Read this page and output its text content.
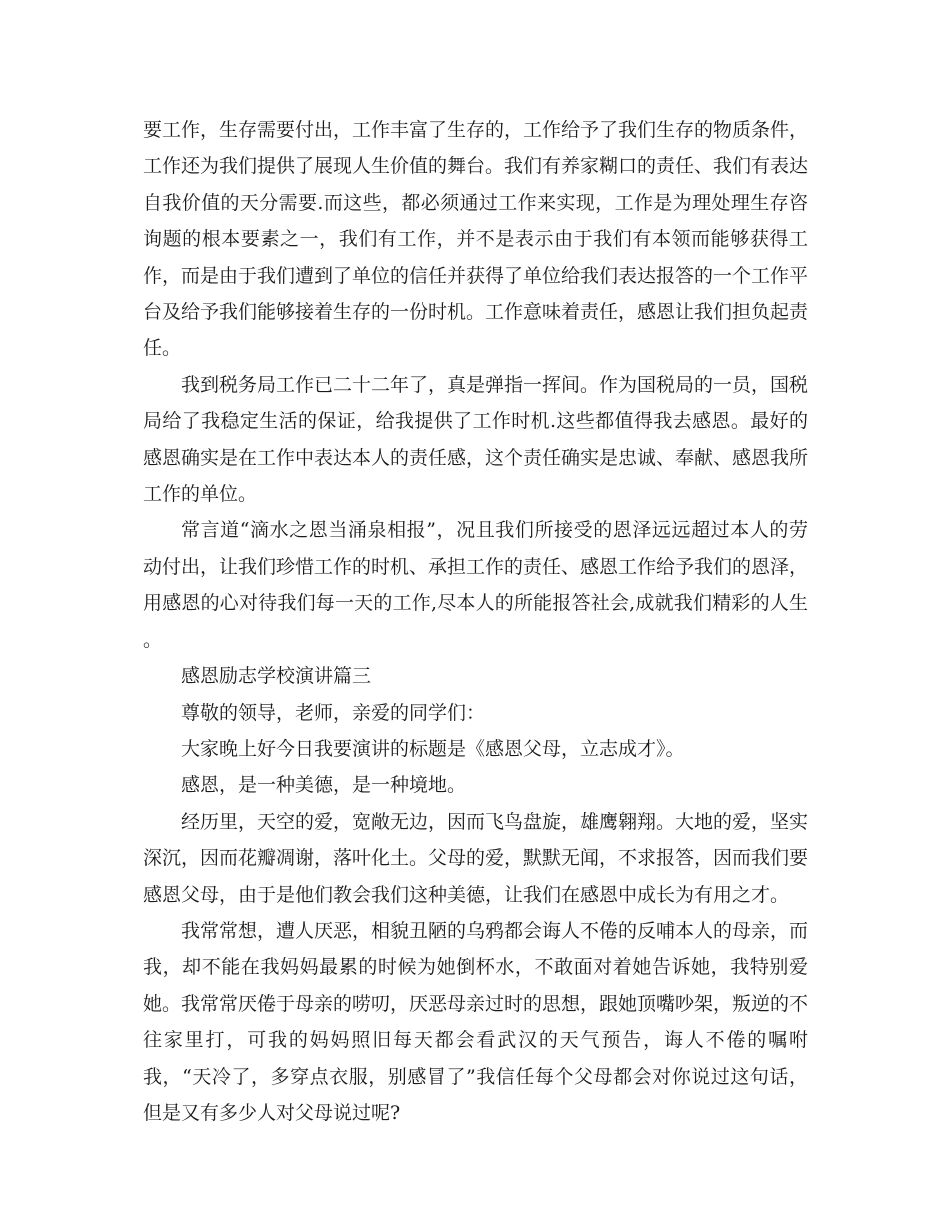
要工作，生存需要付出，工作丰富了生存的，工作给予了我们生存的物质条件，工作还为我们提供了展现人生价值的舞台。我们有养家糊口的责任、我们有表达自我价值的天分需要.而这些，都必须通过工作来实现，工作是为理处理生存咨询题的根本要素之一，我们有工作，并不是表示由于我们有本领而能够获得工作，而是由于我们遭到了单位的信任并获得了单位给我们表达报答的一个工作平台及给予我们能够接着生存的一份时机。工作意味着责任，感恩让我们担负起责任。

我到税务局工作已二十二年了，真是弹指一挥间。作为国税局的一员，国税局给了我稳定生活的保证，给我提供了工作时机.这些都值得我去感恩。最好的感恩确实是在工作中表达本人的责任感，这个责任确实是忠诚、奉献、感恩我所工作的单位。

常言道“滴水之恩当涌泉相报”，况且我们所接受的恩泽远远超过本人的劳动付出，让我们珍惜工作的时机、承担工作的责任、感恩工作给予我们的恩泽，用感恩的心对待我们每一天的工作,尽本人的所能报答社会,成就我们精彩的人生 。

感恩励志学校演讲篇三

尊敬的领导，老师，亲爱的同学们：

大家晚上好今日我要演讲的标题是《感恩父母，立志成才》。

感恩，是一种美德，是一种境地。

经历里，天空的爱，宽敞无边，因而飞鸟盘旋，雄鹰翱翔。大地的爱，坚实深沉，因而花瓣凋谢，落叶化土。父母的爱，默默无闻，不求报答，因而我们要感恩父母，由于是他们教会我们这种美德，让我们在感恩中成长为有用之才。

我常常想，遭人厌恶，相貌丑陋的乌鸦都会诲人不倦的反哺本人的母亲，而我，却不能在我妈妈最累的时候为她倒杯水，不敢面对着她告诉她，我特别爱她。我常常厌倦于母亲的唠叨，厌恶母亲过时的思想，跟她顶嘴吵架，叛逆的不往家里打，可我的妈妈照旧每天都会看武汉的天气预告，诲人不倦的嘱咐我，“天冷了，多穿点衣服，别感冒了”我信任每个父母都会对你说过这句话，但是又有多少人对父母说过呢?
